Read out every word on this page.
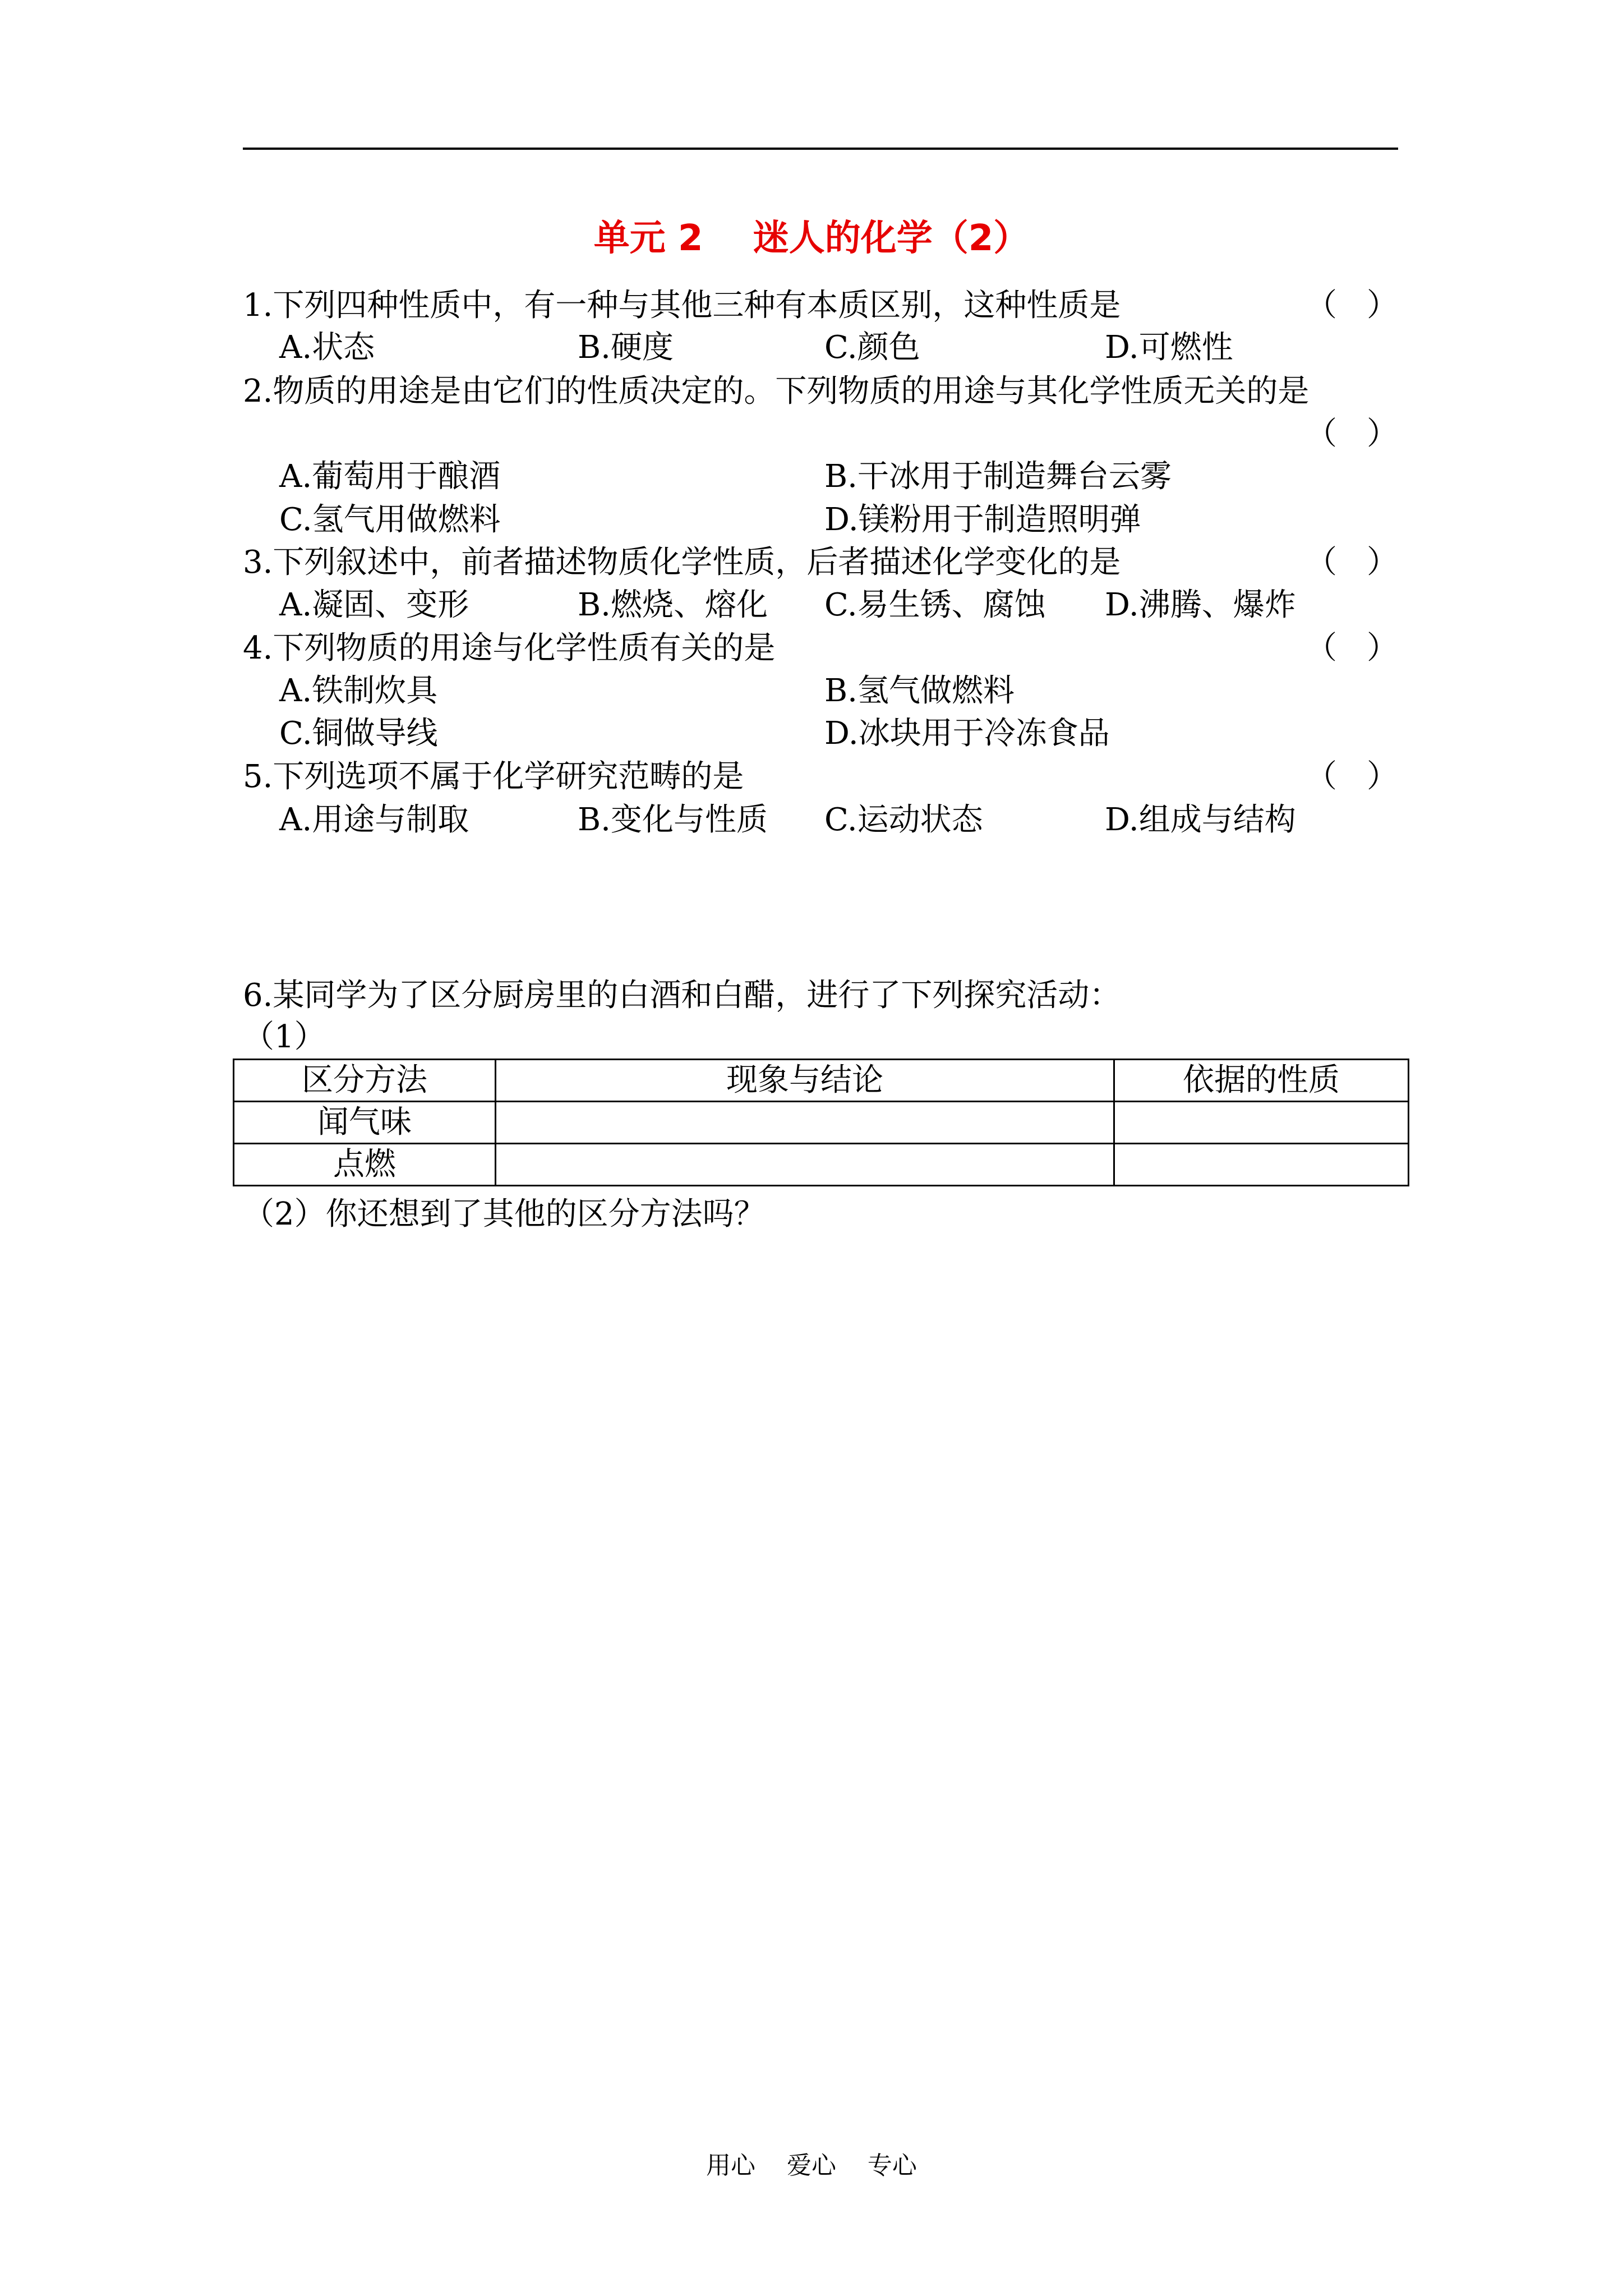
单元 2    迷人的化学（2）
1.下列四种性质中，有一种与其他三种有本质区别，这种性质是	（ ）
A.状态	B.硬度	C.颜色	D.可燃性
2.物质的用途是由它们的性质决定的。下列物质的用途与其化学性质无关的是
（ ）
A.葡萄用于酿酒	B.干冰用于制造舞台云雾
C.氢气用做燃料	D.镁粉用于制造照明弹
3.下列叙述中，前者描述物质化学性质，后者描述化学变化的是	（ ）
A.凝固、变形	B.燃烧、熔化 C.易生锈、腐蚀 D.沸腾、爆炸
4.下列物质的用途与化学性质有关的是	（ ）
A.铁制炊具	B.氢气做燃料
C.铜做导线	D.冰块用于冷冻食品
5.下列选项不属于化学研究范畴的是	（ ）
A.用途与制取	B.变化与性质 C.运动状态	D.组成与结构
6.某同学为了区分厨房里的白酒和白醋，进行了下列探究活动：
（1）
区分方法	现象与结论	依据的性质
闻气味		
点燃		
（2）你还想到了其他的区分方法吗？
用心    爱心    专心
